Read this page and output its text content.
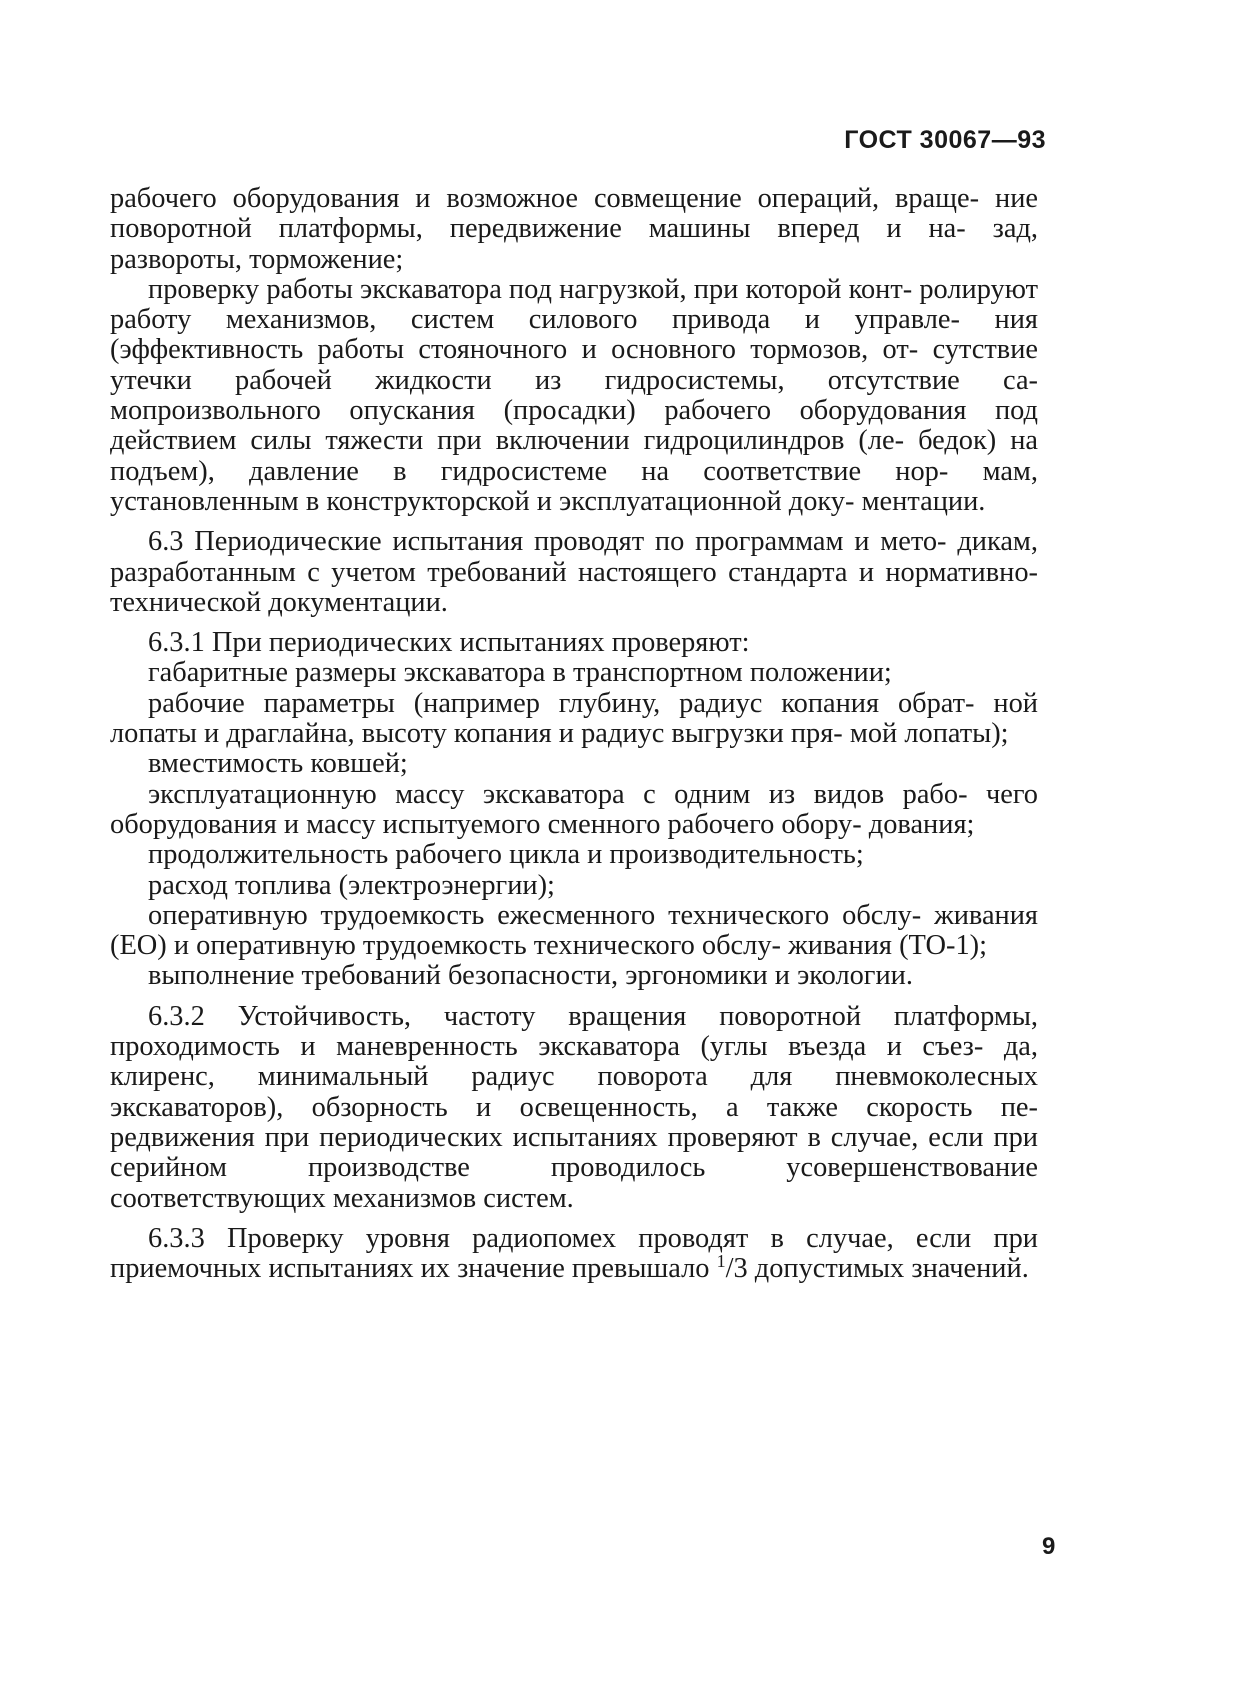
ГОСТ 30067—93
рабочего оборудования и возможное совмещение операций, враще- ние поворотной платформы, передвижение машины вперед и на- зад, развороты, торможение;
проверку работы экскаватора под нагрузкой, при которой конт- ролируют работу механизмов, систем силового привода и управле- ния (эффективность работы стояночного и основного тормозов, от- сутствие утечки рабочей жидкости из гидросистемы, отсутствие са- мопроизвольного опускания (просадки) рабочего оборудования под действием силы тяжести при включении гидроцилиндров (ле- бедок) на подъем), давление в гидросистеме на соответствие нор- мам, установленным в конструкторской и эксплуатационной доку- ментации.
6.3 Периодические испытания проводят по программам и мето- дикам, разработанным с учетом требований настоящего стандарта и нормативно-технической документации.
6.3.1 При периодических испытаниях проверяют:
габаритные размеры экскаватора в транспортном положении;
рабочие параметры (например глубину, радиус копания обрат- ной лопаты и драглайна, высоту копания и радиус выгрузки пря- мой лопаты);
вместимость ковшей;
эксплуатационную массу экскаватора с одним из видов рабо- чего оборудования и массу испытуемого сменного рабочего обору- дования;
продолжительность рабочего цикла и производительность;
расход топлива (электроэнергии);
оперативную трудоемкость ежесменного технического обслу- живания (ЕО) и оперативную трудоемкость технического обслу- живания (ТО-1);
выполнение требований безопасности, эргономики и экологии.
6.3.2 Устойчивость, частоту вращения поворотной платформы, проходимость и маневренность экскаватора (углы въезда и съез- да, клиренс, минимальный радиус поворота для пневмоколесных экскаваторов), обзорность и освещенность, а также скорость пе- редвижения при периодических испытаниях проверяют в случае, если при серийном производстве проводилось усовершенствование соответствующих механизмов систем.
6.3.3 Проверку уровня радиопомех проводят в случае, если при приемочных испытаниях их значение превышало $^1$/3 допустимых значений.
9
